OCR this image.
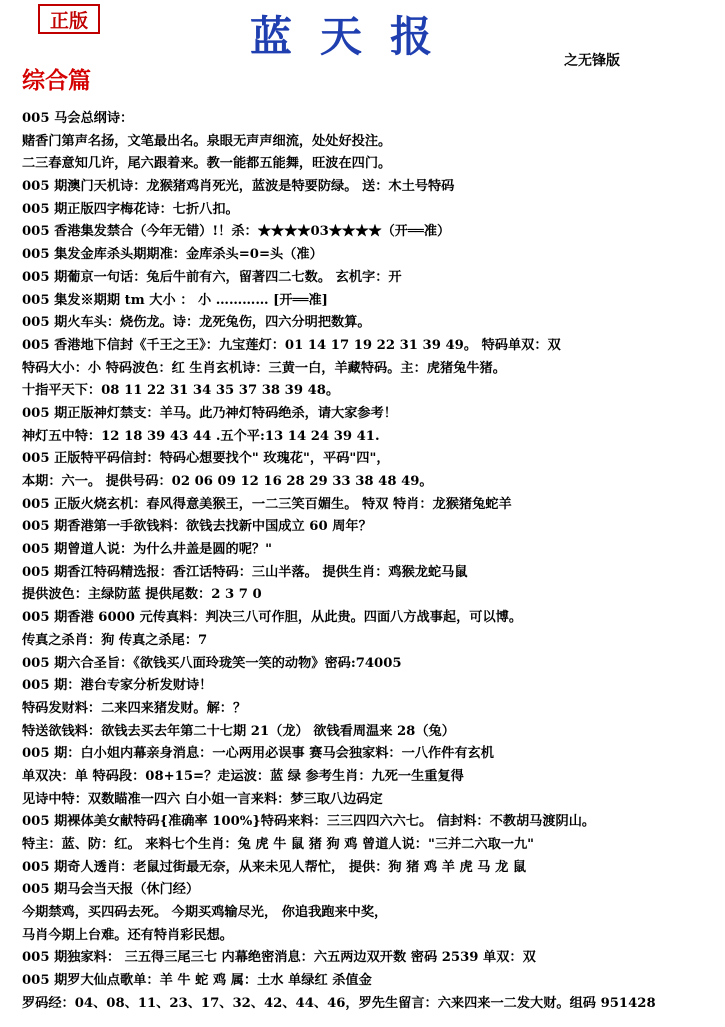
正版	蓝天报	之无锋版
综合篇
005 马会总纲诗：
赌香门第声名扬，文笔最出名。泉眼无声声细流，处处好投注。
二三春意知几许，尾六跟着来。教一能都五能舞，旺波在四门。
005 期澳门天机诗：龙猴猪鸡肖死光，蓝波是特要防绿。 送：木土号特码
005 期正版四字梅花诗：七折八扣。
005 香港集发禁合（今年无错）!！杀：★★★★03★★★★（开══准）
005 集发金库杀头期期准：金库杀头=0=头（准）
005 期葡京一句话：兔后牛前有六，留著四二七数。 玄机字：开
005 集发※期期 tm 大小 ： 小 ………… [开══准]
005 期火车头：烧伤龙。诗：龙死兔伤，四六分明把数算。
005 香港地下信封《千王之王》：九宝莲灯：01 14 17 19 22 31 39 49。 特码单双：双
特码大小：小 特码波色：红 生肖玄机诗：三黄一白，羊藏特码。主：虎猪兔牛猪。
十指平天下：08 11 22 31 34 35 37 38 39 48。
005 期正版神灯禁支：羊马。此乃神灯特码绝杀，请大家参考！
神灯五中特：12 18 39 43 44 .五个平:13 14 24 39 41.
005 正版特平码信封：特码心想要找个" 玫瑰花"，平码"四"，
本期：六一。 提供号码：02 06 09 12 16 28 29 33 38 48 49。
005 正版火烧玄机：春风得意美猴王，一二三笑百媚生。 特双 特肖：龙猴猪兔蛇羊
005 期香港第一手欲钱料：欲钱去找新中国成立 60 周年？
005 期曾道人说：为什么井盖是圆的呢？"
005 期香江特码精选报：香江话特码：三山半落。 提供生肖：鸡猴龙蛇马鼠
提供波色：主绿防蓝 提供尾数：2 3 7 0
005 期香港 6000 元传真料：判决三八可作胆，从此贵。四面八方战事起，可以博。
传真之杀肖：狗 传真之杀尾：7
005 期六合圣旨：《欲钱买八面玲珑笑一笑的动物》密码:74005
005 期：港台专家分析发财诗！
特码发财料：二来四来猪发财。解：？
特送欲钱料：欲钱去买去年第二十七期 21（龙） 欲钱看周温来 28（兔）
005 期：白小姐内幕亲身消息：一心两用必误事 赛马会独家料：一八作件有玄机
单双决：单 特码段：08+15=？走运波：蓝 绿 参考生肖：九死一生重复得
见诗中特：双数瞄准一四六 白小姐一言来料：梦三取八边码定
005 期裸体美女献特码{准确率 100%}特码来料：三三四四六六七。 信封料：不教胡马渡阴山。
特主：蓝、防：红。 来料七个生肖：兔 虎 牛 鼠 猪 狗 鸡 曾道人说："三并二六取一九"
005 期奇人透肖：老鼠过街最无奈，从来未见人帮忙， 提供：狗 猪 鸡 羊 虎 马 龙 鼠
005 期马会当天报（休门经）
今期禁鸡，买四码去死。 今期买鸡输尽光， 你追我跑来中奖，
马肖今期上台难。还有特肖彩民想。
005 期独家料： 三五得三尾三七 内幕绝密消息：六五两边双开数 密码 2539 单双：双
005 期罗大仙点歌单：羊 牛 蛇 鸡 属：土水 单绿红 杀值金
罗码经：04、08、11、23、17、32、42、44、46，罗先生留言：六来四来一二发大财。组码 951428
